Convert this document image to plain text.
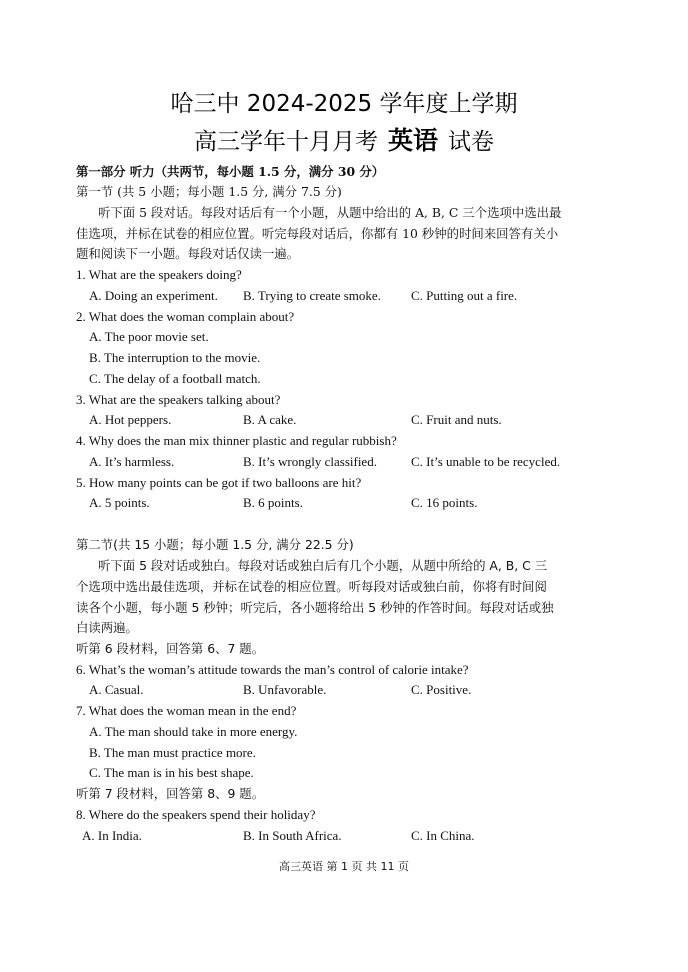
哈三中 2024-2025 学年度上学期
高三学年十月月考 英语 试卷
第一部分 听力（共两节，每小题 1.5 分，满分 30 分）
第一节 (共 5 小题；每小题 1.5 分, 满分 7.5 分)
听下面 5 段对话。每段对话后有一个小题，从题中给出的 A, B, C 三个选项中选出最
佳选项，并标在试卷的相应位置。听完每段对话后，你都有 10 秒钟的时间来回答有关小
题和阅读下一小题。每段对话仅读一遍。
1. What are the speakers doing?
A. Doing an experiment. B. Trying to create smoke. C. Putting out a fire.
2. What does the woman complain about?
A. The poor movie set.
B. The interruption to the movie.
C. The delay of a football match.
3. What are the speakers talking about?
A. Hot peppers.	B. A cake.	C. Fruit and nuts.
4. Why does the man mix thinner plastic and regular rubbish?
A. It’s harmless.	B. It’s wrongly classified.	C. It’s unable to be recycled.
5. How many points can be got if two balloons are hit?
A. 5 points.	B. 6 points.	C. 16 points.
第二节(共 15 小题；每小题 1.5 分, 满分 22.5 分)
听下面 5 段对话或独白。每段对话或独白后有几个小题，从题中所给的 A, B, C 三
个选项中选出最佳选项，并标在试卷的相应位置。听每段对话或独白前，你将有时间阅
读各个小题，每小题 5 秒钟；听完后，各小题将给出 5 秒钟的作答时间。每段对话或独
白读两遍。
听第 6 段材料，回答第 6、7 题。
6. What’s the woman’s attitude towards the man’s control of calorie intake?
A. Casual.	B. Unfavorable.	C. Positive.
7. What does the woman mean in the end?
A. The man should take in more energy.
B. The man must practice more.
C. The man is in his best shape.
听第 7 段材料，回答第 8、9 题。
8. Where do the speakers spend their holiday?
A. In India.	B. In South Africa.	C. In China.
高三英语 第 1 页 共 11 页
